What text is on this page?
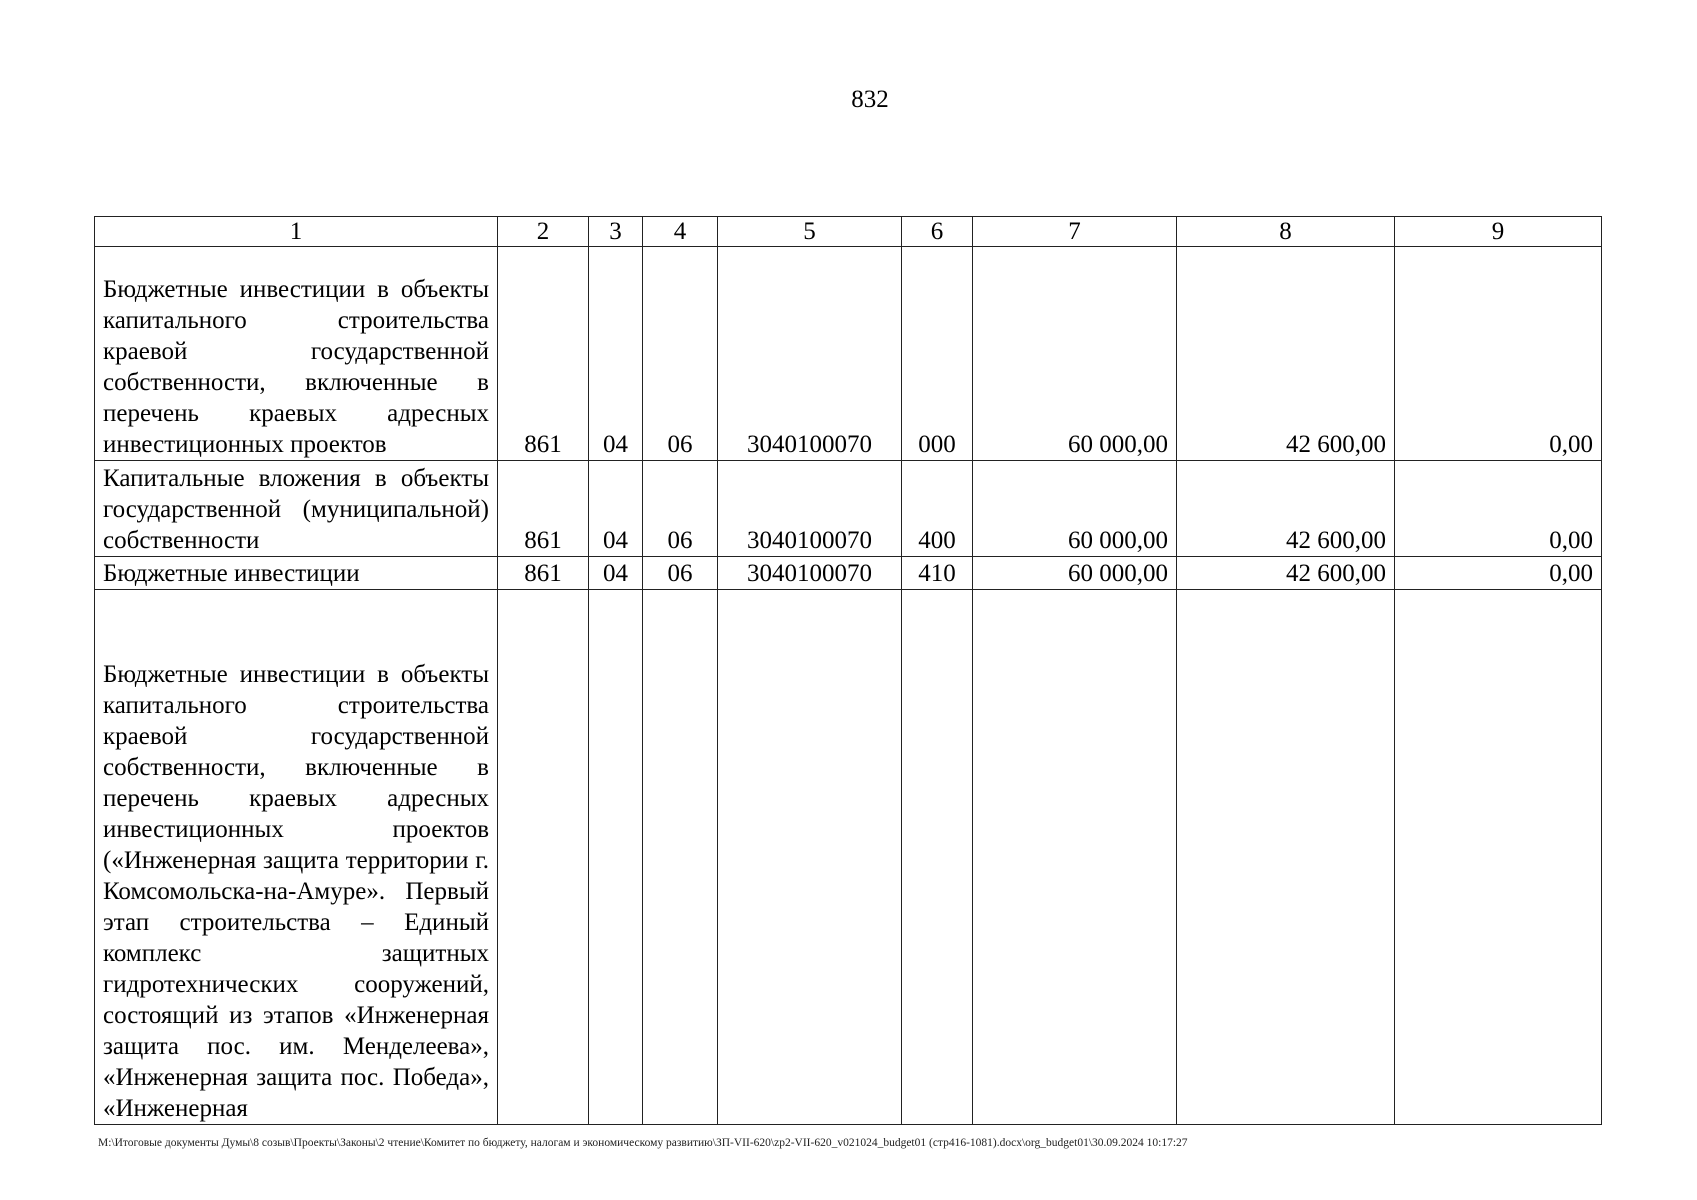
832
1	2	3	4	5	6	7	8	9

Бюджетные инвестиции в объекты капитального строительства краевой государственной собственности, включенные в перечень краевых адресных инвестиционных проектов	861	04	06	3040100070	000	60 000,00	42 600,00	0,00

Капитальные вложения в объекты государственной (муниципальной) собственности	861	04	06	3040100070	400	60 000,00	42 600,00	0,00

Бюджетные инвестиции	861	04	06	3040100070	410	60 000,00	42 600,00	0,00

Бюджетные инвестиции в объекты капитального строительства краевой государственной собственности, включенные в перечень краевых адресных инвестиционных проектов («Инженерная защита территории г. Комсомольска-на-Амуре». Первый этап строительства – Единый комплекс защитных гидротехнических сооружений, состоящий из этапов «Инженерная защита пос. им. Менделеева», «Инженерная защита пос. Победа», «Инженерная								

M:\Итоговые документы Думы\8 созыв\Проекты\Законы\2 чтение\Комитет по бюджету, налогам и экономическому развитию\ЗП-VII-620\zp2-VII-620_v021024_budget01 (стр416-1081).docx\org_budget01\30.09.2024 10:17:27
